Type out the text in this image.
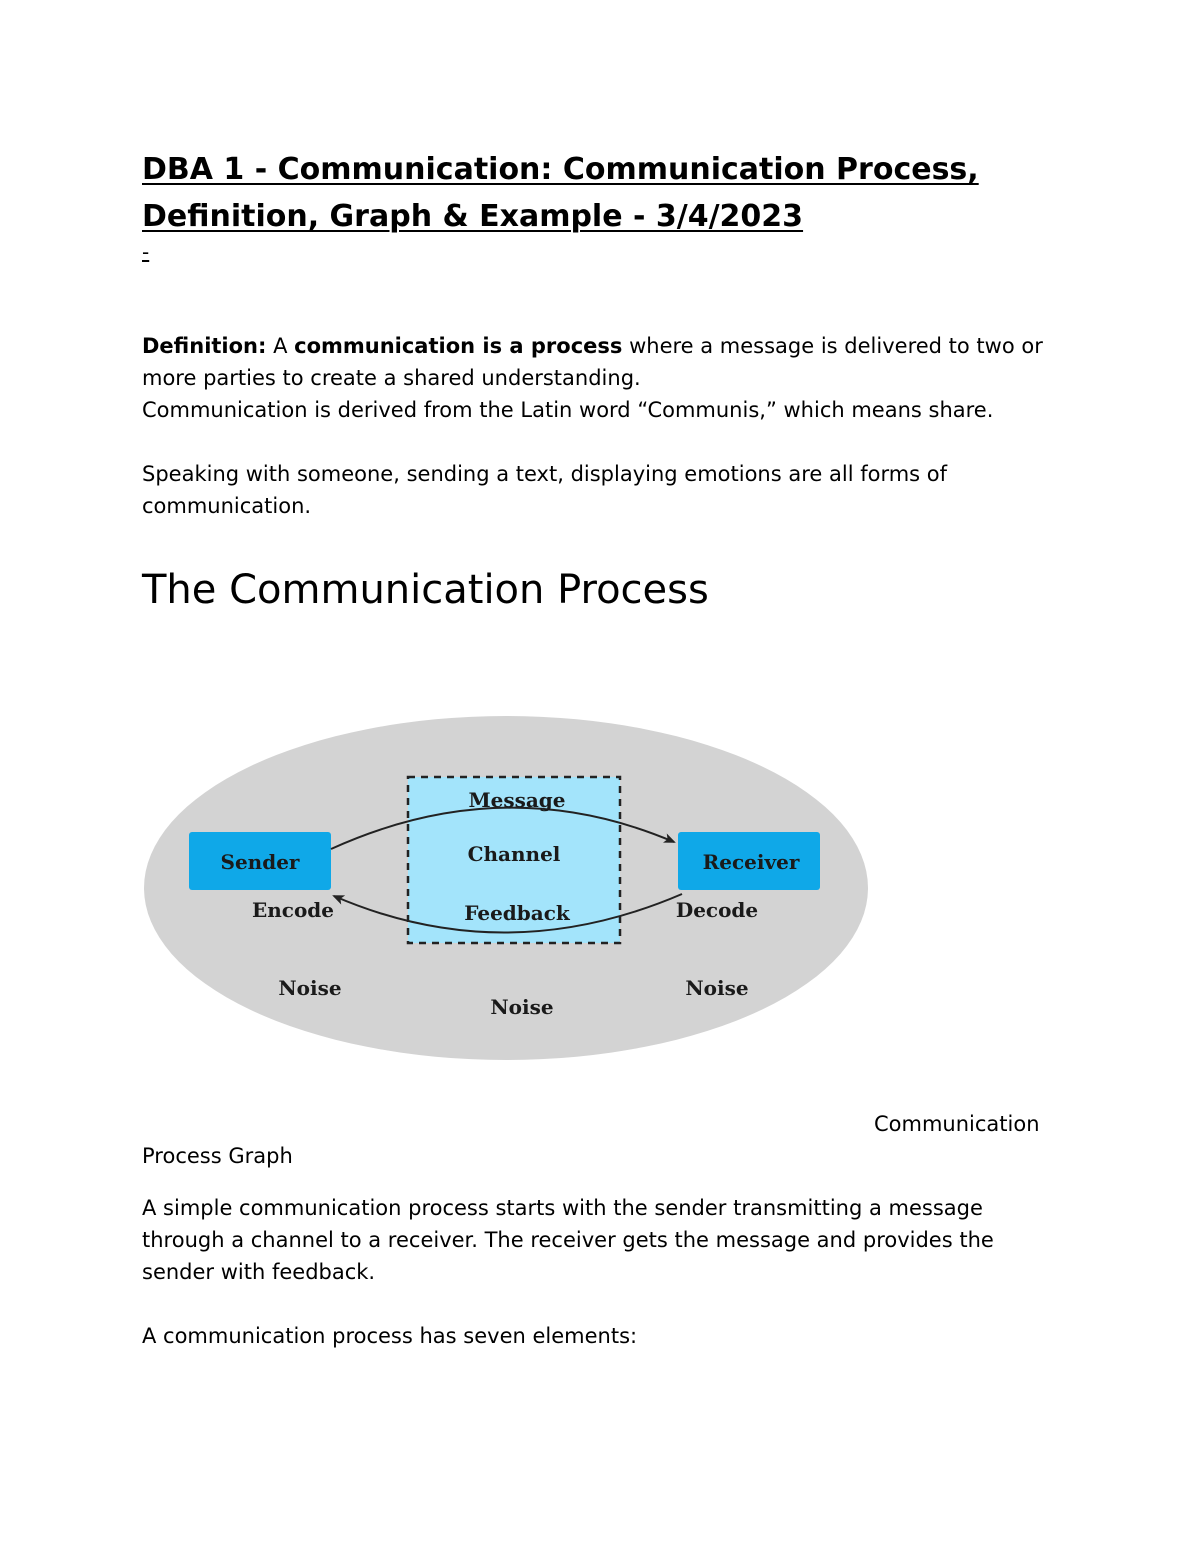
DBA 1 - Communication: Communication Process, Definition, Graph & Example - 3/4/2023
-

Definition: A communication is a process where a message is delivered to two or more parties to create a shared understanding.

Communication is derived from the Latin word “Communis,” which means share.

Speaking with someone, sending a text, displaying emotions are all forms of communication.

The Communication Process
Sender	Receiver
Message
Channel
Feedback
Encode	Decode
Noise
Noise
Noise
Communication
Process Graph

A simple communication process starts with the sender transmitting a message through a channel to a receiver. The receiver gets the message and provides the sender with feedback.

A communication process has seven elements:
